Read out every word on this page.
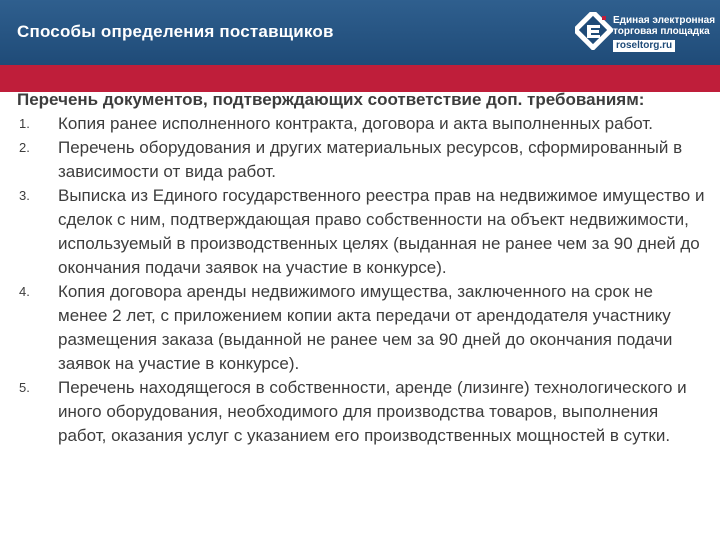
Способы определения поставщиков
Единая электронная
торговая площадка
roseltorg.ru

Перечень документов, подтверждающих соответствие доп. требованиям:

1. Копия ранее исполненного контракта, договора и акта выполненных работ.
2. Перечень оборудования и других материальных ресурсов, сформированный в зависимости от вида работ.
3. Выписка из Единого государственного реестра прав на недвижимое имущество и сделок с ним, подтверждающая право собственности на объект недвижимости, используемый в производственных целях (выданная не ранее чем за 90 дней до окончания подачи заявок на участие в конкурсе).
4. Копия договора аренды недвижимого имущества, заключенного на срок не менее 2 лет, с приложением копии акта передачи от арендодателя участнику размещения заказа (выданной не ранее чем за 90 дней до окончания подачи заявок на участие в конкурсе).
5. Перечень находящегося в собственности, аренде (лизинге) технологического и иного оборудования, необходимого для производства товаров, выполнения работ, оказания услуг с указанием его производственных мощностей в сутки.
